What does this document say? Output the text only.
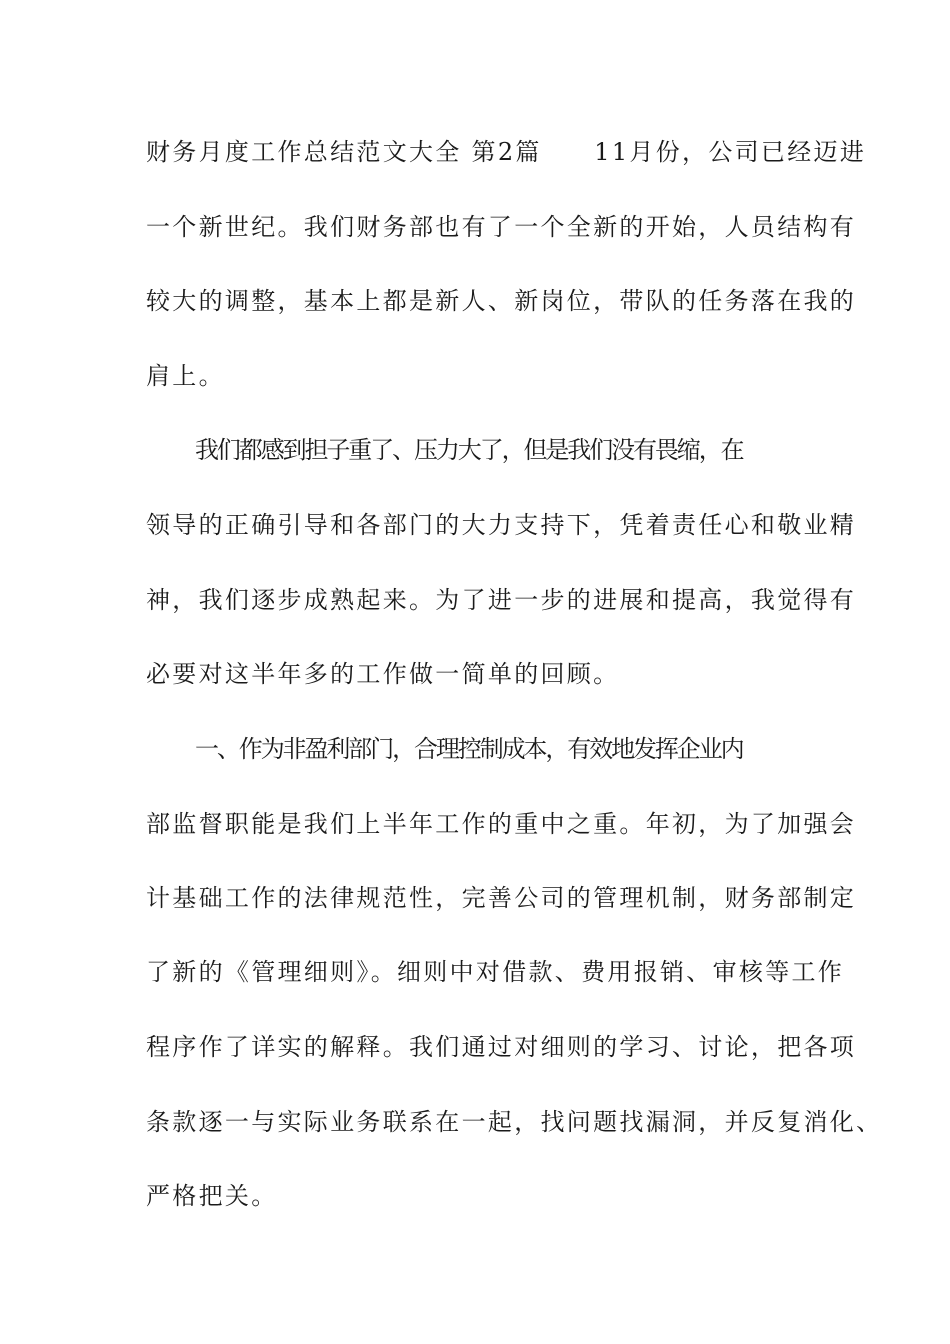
财务月度工作总结范文大全 第2篇　　11月份，公司已经迈进
一个新世纪。我们财务部也有了一个全新的开始，人员结构有
较大的调整，基本上都是新人、新岗位，带队的任务落在我的
肩上。
我们都感到担子重了、压力大了，但是我们没有畏缩，在
领导的正确引导和各部门的大力支持下，凭着责任心和敬业精
神，我们逐步成熟起来。为了进一步的进展和提高，我觉得有
必要对这半年多的工作做一简单的回顾。
一、作为非盈利部门，合理控制成本，有效地发挥企业内
部监督职能是我们上半年工作的重中之重。年初，为了加强会
计基础工作的法律规范性，完善公司的管理机制，财务部制定
了新的《管理细则》。细则中对借款、费用报销、审核等工作
程序作了详实的解释。我们通过对细则的学习、讨论，把各项
条款逐一与实际业务联系在一起，找问题找漏洞，并反复消化、
严格把关。
